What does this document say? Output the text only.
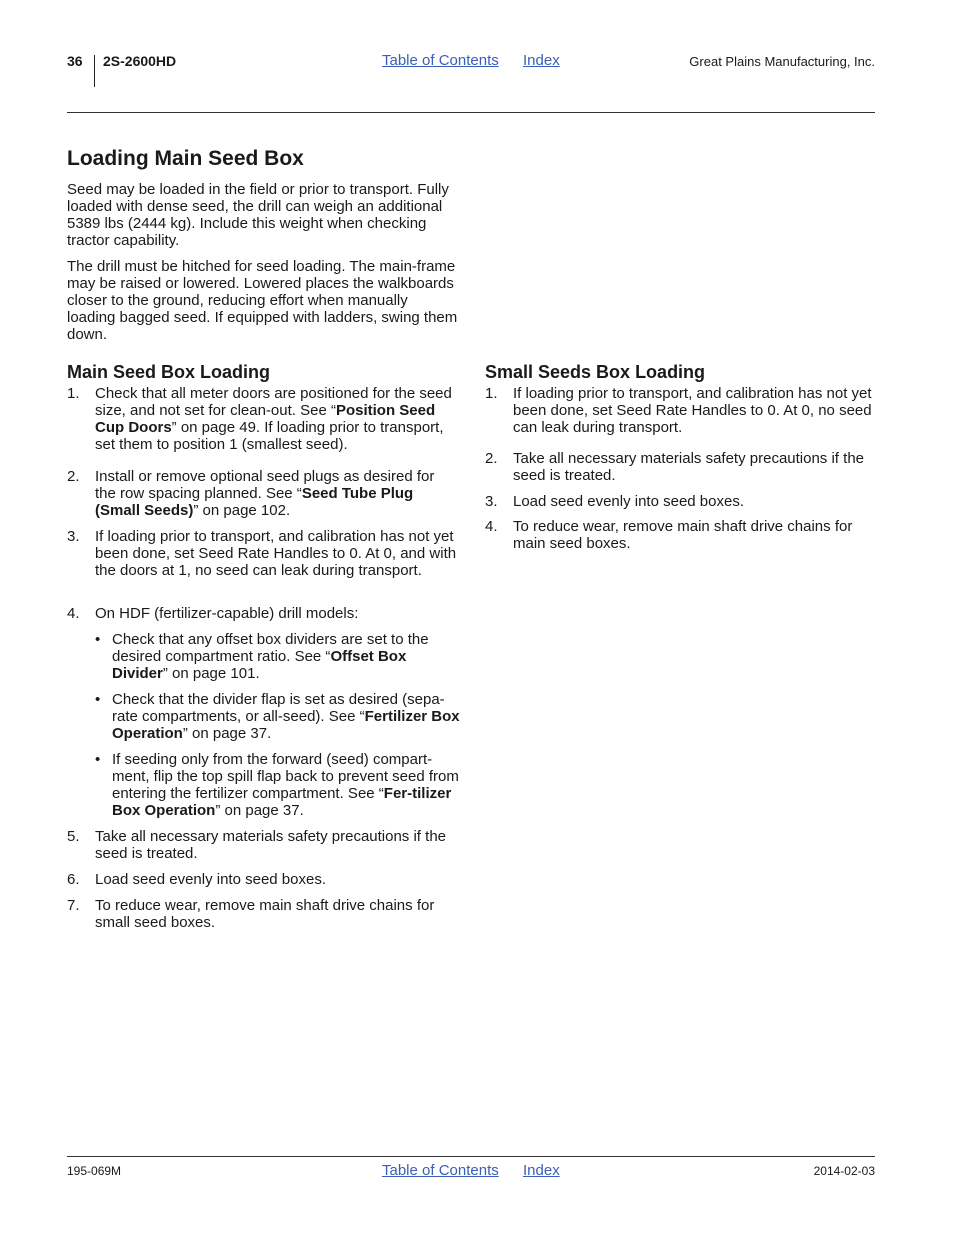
36 2S-2600HD	Table of Contents Index	Great Plains Manufacturing, Inc.
Loading Main Seed Box

Seed may be loaded in the field or prior to transport. Fully loaded with dense seed, the drill can weigh an additional 5389 lbs (2444 kg). Include this weight when checking tractor capability.

The drill must be hitched for seed loading. The main-frame may be raised or lowered. Lowered places the walkboards closer to the ground, reducing effort when manually loading bagged seed. If equipped with ladders, swing them down.

Main Seed Box Loading
1. Check that all meter doors are positioned for the seed size, and not set for clean-out. See “Position Seed Cup Doors” on page 49. If loading prior to transport, set them to position 1 (smallest seed).
2. Install or remove optional seed plugs as desired for the row spacing planned. See “Seed Tube Plug (Small Seeds)” on page 102.
3. If loading prior to transport, and calibration has not yet been done, set Seed Rate Handles to 0. At 0, and with the doors at 1, no seed can leak during transport.
4. On HDF (fertilizer-capable) drill models:
• Check that any offset box dividers are set to the desired compartment ratio. See “Offset Box Divider” on page 101.
• Check that the divider flap is set as desired (sepa-rate compartments, or all-seed). See “Fertilizer Box Operation” on page 37.
• If seeding only from the forward (seed) compart-ment, flip the top spill flap back to prevent seed from entering the fertilizer compartment. See “Fer-tilizer Box Operation” on page 37.
5. Take all necessary materials safety precautions if the seed is treated.
6. Load seed evenly into seed boxes.
7. To reduce wear, remove main shaft drive chains for small seed boxes.
Small Seeds Box Loading
1. If loading prior to transport, and calibration has not yet been done, set Seed Rate Handles to 0. At 0, no seed can leak during transport.
2. Take all necessary materials safety precautions if the seed is treated.
3. Load seed evenly into seed boxes.
4. To reduce wear, remove main shaft drive chains for main seed boxes.
195-069M	Table of Contents Index	2014-02-03
